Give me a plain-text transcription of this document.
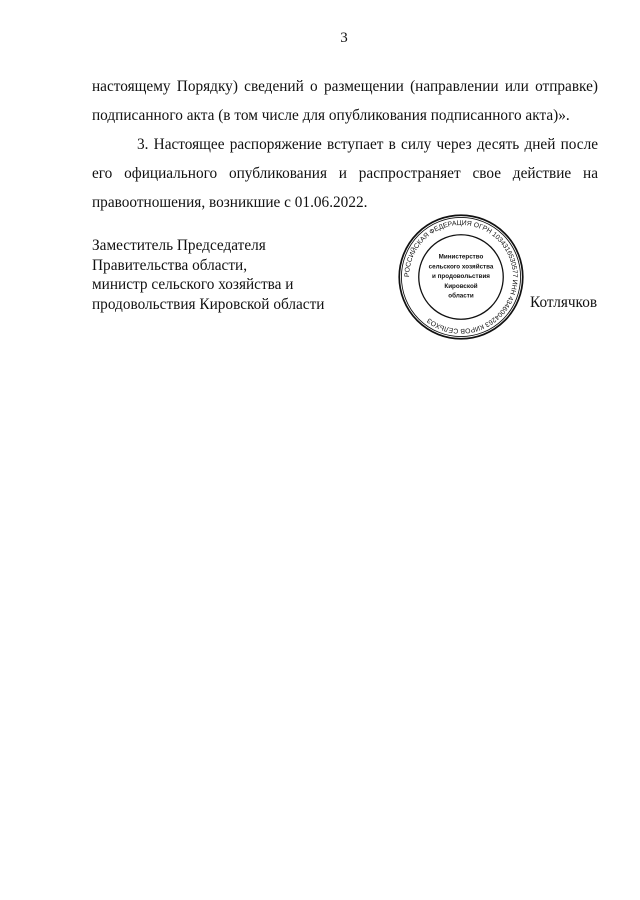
3

настоящему Порядку) сведений о размещении (направлении или отправке)

подписанного акта (в том числе для опубликования подписанного акта)».

3. Настоящее распоряжение вступает в силу через десять дней после

его официального опубликования и распространяет свое действие на

правоотношения, возникшие с 01.06.2022.

Заместитель Председателя
Правительства области,
министр сельского хозяйства и
продовольствия Кировской области
РОССИЙСКАЯ ФЕДЕРАЦИЯ ОГРН 1034316530577 ИНН 4346004263 КИРОВ СЕЛЬХОЗ
Министерство
сельского хозяйства
и продовольствия
Кировской
области	Котлячков
